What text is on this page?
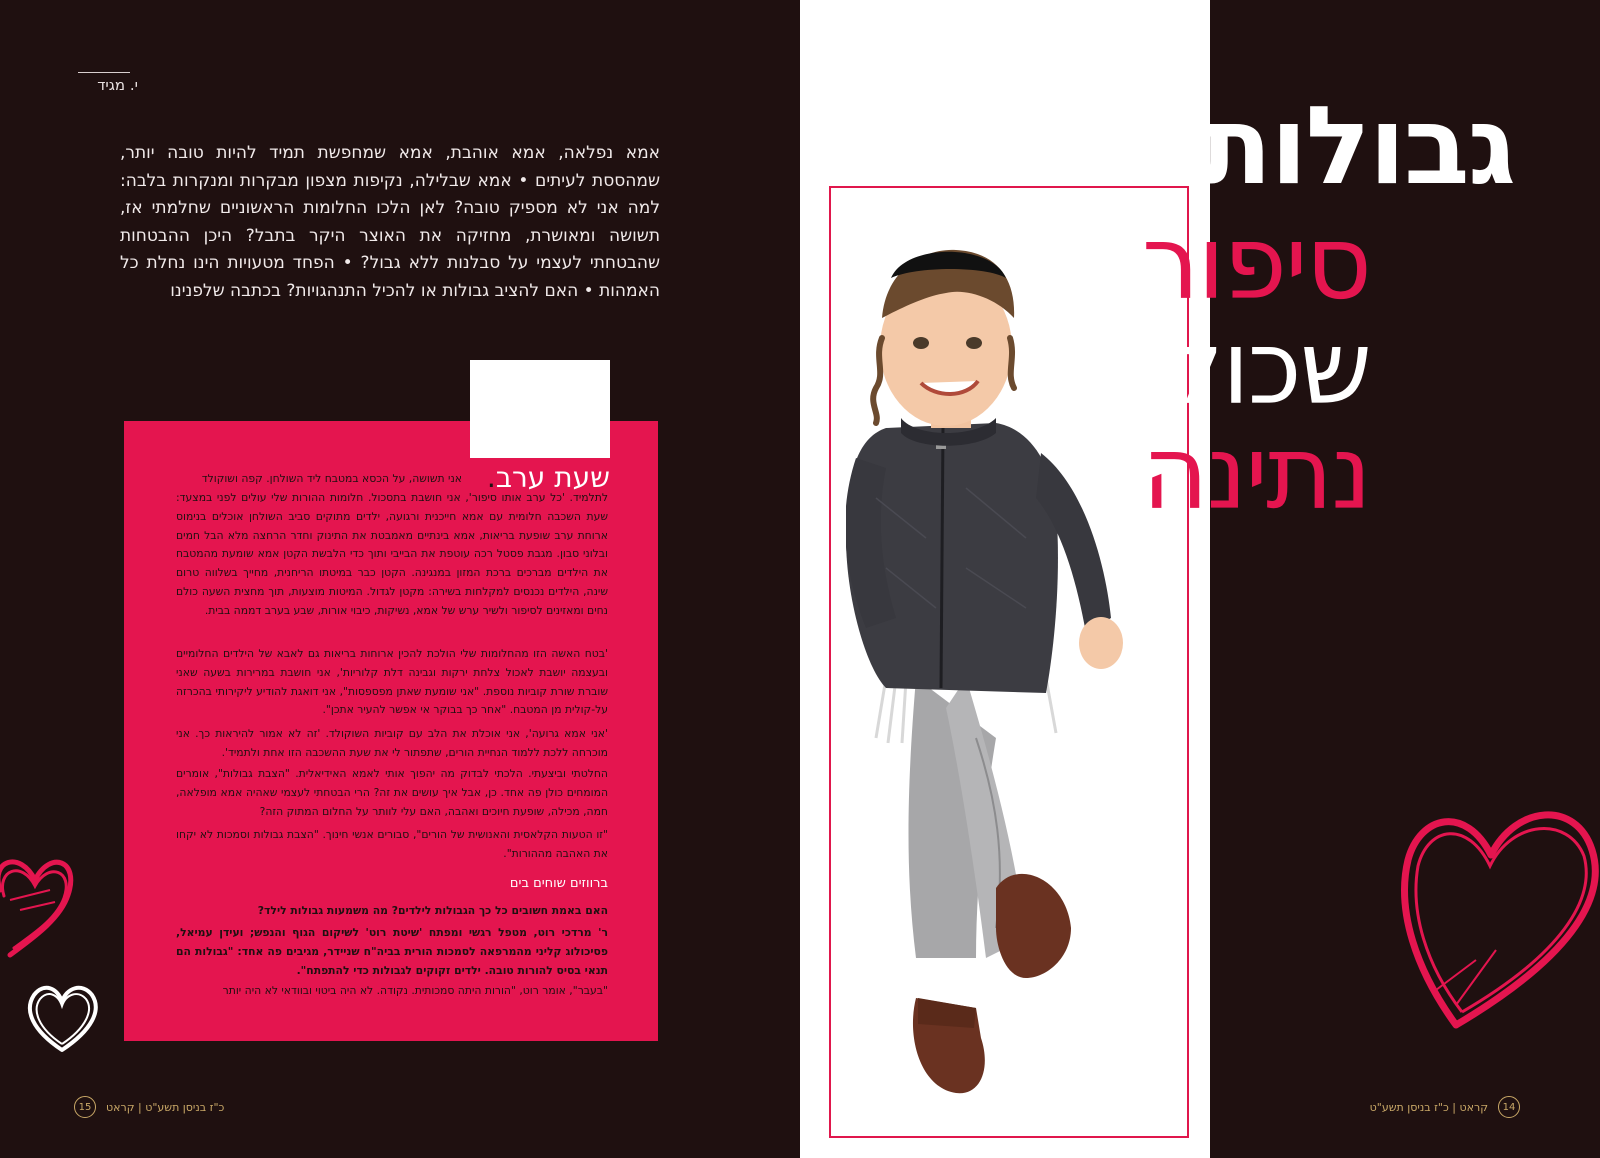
י. מגיד
אמא נפלאה, אמא אוהבת, אמא שמחפשת תמיד להיות טובה יותר, שמהססת לעיתים • אמא שבלילה, נקיפות מצפון מבקרות ומנקרות בלבה: למה אני לא מספיק טובה? לאן הלכו החלומות הראשוניים שחלמתי אז, תשושה ומאושרת, מחזיקה את האוצר היקר בתבל? היכן ההבטחות שהבטחתי לעצמי על סבלנות ללא גבול? • הפחד מטעויות הינו נחלת כל האמהות • האם להציב גבולות או להכיל התנהגויות? בכתבה שלפנינו
שעת ערב.
אני תשושה, על הכסא במטבח ליד השולחן. קפה ושוקולד
לתלמיד. 'כל ערב אותו סיפור', אני חושבת בתסכול. חלומות ההורות שלי עולים לפני במצעד: שעת השכבה חלומית עם אמא חייכנית ורגועה, ילדים מתוקים סביב השולחן אוכלים בנימוס ארוחת ערב שופעת בריאות, אמא בינתיים מאמבטת את התינוק וחדר הרחצה מלא הבל חמים ובלוני סבון. מגבת פסטל רכה עוטפת את הבייבי ותוך כדי הלבשת הקטן אמא שומעת מהמטבח את הילדים מברכים ברכת המזון במנגינה. הקטן כבר במיטתו הריחנית, מחייך בשלווה טרום שינה, הילדים נכנסים למקלחות בשירה: מקטן לגדול. המיטות מוצעות, תוך מחצית השעה כולם נחים ומאזינים לסיפור ולשיר ערש של אמא, נשיקות, כיבוי אורות, שבע בערב דממה בבית.
'בטח האשה הזו מהחלומות שלי הולכת להכין ארוחות בריאות גם לאבא של הילדים החלומיים ובעצמה יושבת לאכול צלחת ירקות וגבינה דלת קלוריות', אני חושבת במרירות בשעה שאני שוברת שורת קוביות נוספת. "אני שומעת שאתן מפספסות", אני דואגת להודיע ליקירותי בהכרזה על-קולית מן המטבח. "אחר כך בבוקר אי אפשר להעיר אתכן".
'אני אמא גרועה', אני אוכלת את הלב עם קוביות השוקולד. 'זה לא אמור להיראות כך. אני מוכרחה ללכת ללמוד הנחיית הורים, שתפתור לי את שעת ההשכבה הזו אחת ולתמיד'.
החלטתי וביצעתי. הלכתי לבדוק מה יהפוך אותי לאמא האידיאלית. "הצבת גבולות", אומרים המומחים כולן פה אחד. כן, אבל איך עושים את זה? הרי הבטחתי לעצמי שאהיה אמא מופלאה, חמה, מכילה, שופעת חיוכים ואהבה, האם עלי לוותר על החלום המתוק הזה?
"זו הטעות הקלאסית והאנושית של הורים", סבורים אנשי חינוך. "הצבת גבולות וסמכות לא יקחו את האהבה מההורות".
ברווזים שוחים בים
האם באמת חשובים כל כך הגבולות לילדים? מה משמעות גבולות לילד?
ר' מרדכי רוט, מטפל רגשי ומפתח 'שיטת רוט' לשיקום הגוף והנפש; ועידן עמיאל, פסיכולוג קליני מהמרפאה לסמכות הורית בביה"ח שניידר, מגיבים פה אחד: "גבולות הם תנאי בסיס להורות טובה. ילדים זקוקים לגבולות כדי להתפתח".
"בעבר", אומר רוט, "הורות היתה סמכותית. נקודה. לא היה ביטוי ובוודאי לא היה יותר
15	כ"ז בניסן תשע"ט | קראט
גבולות
סיפור
שכולו
נתינה
קראט | כ"ז בניסן תשע"ט	14
